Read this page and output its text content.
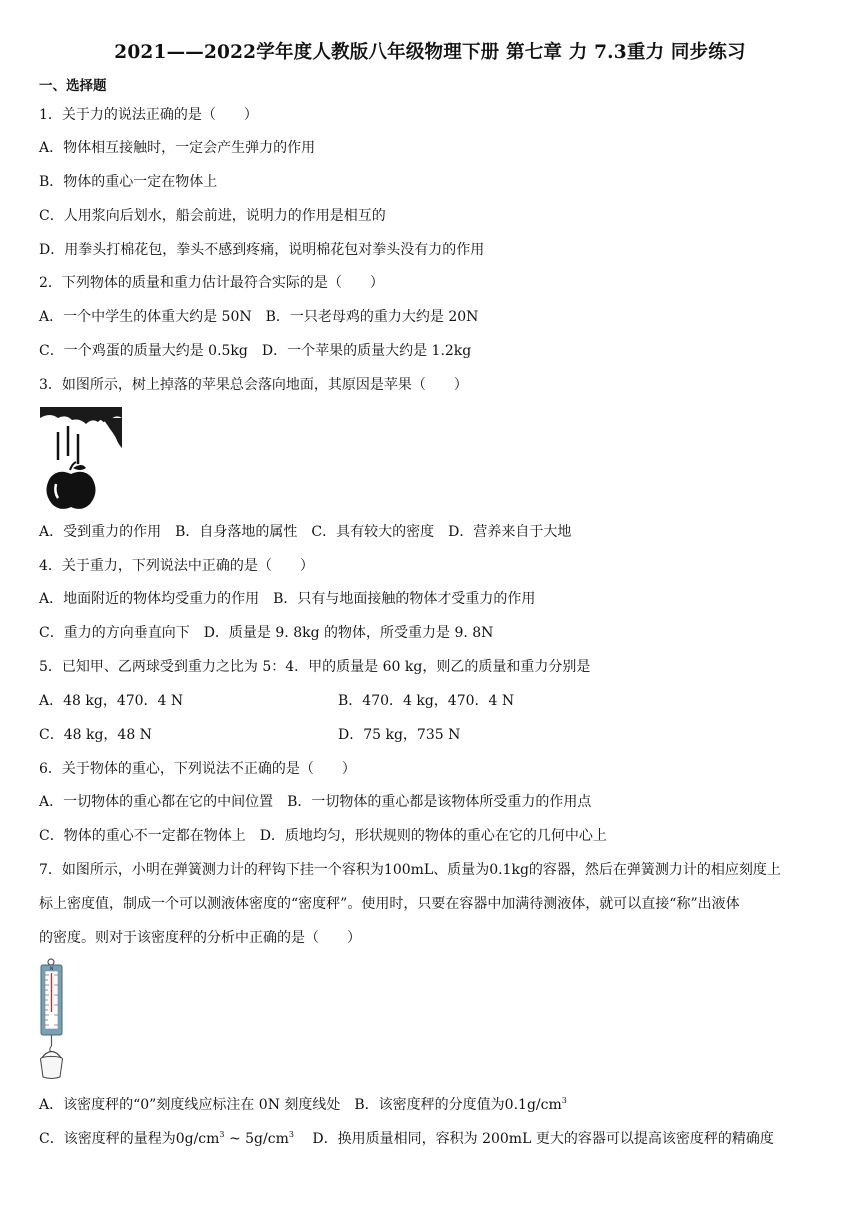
2021——2022学年度人教版八年级物理下册 第七章 力 7.3重力 同步练习
一、选择题
1．关于力的说法正确的是（　　）
A．物体相互接触时，一定会产生弹力的作用
B．物体的重心一定在物体上
C．人用浆向后划水，船会前进，说明力的作用是相互的
D．用拳头打棉花包，拳头不感到疼痛，说明棉花包对拳头没有力的作用
2．下列物体的质量和重力估计最符合实际的是（　　）
A．一个中学生的体重大约是 50N　B．一只老母鸡的重力大约是 20N
C．一个鸡蛋的质量大约是 0.5kg　D．一个苹果的质量大约是 1.2kg
3．如图所示，树上掉落的苹果总会落向地面，其原因是苹果（　　）
A．受到重力的作用　B．自身落地的属性　C．具有较大的密度　D．营养来自于大地
4．关于重力，下列说法中正确的是（　　）
A．地面附近的物体均受重力的作用　B．只有与地面接触的物体才受重力的作用
C．重力的方向垂直向下　D．质量是 9. 8kg 的物体，所受重力是 9. 8N
5．已知甲、乙两球受到重力之比为 5：4．甲的质量是 60 kg，则乙的质量和重力分别是
A．48 kg，470．4 N	B．470．4 kg，470．4 N
C．48 kg，48 N	D．75 kg，735 N
6．关于物体的重心，下列说法不正确的是（　　）
A．一切物体的重心都在它的中间位置　B．一切物体的重心都是该物体所受重力的作用点
C．物体的重心不一定都在物体上　D．质地均匀，形状规则的物体的重心在它的几何中心上
7．如图所示，小明在弹簧测力计的秤钩下挂一个容积为100mL、质量为0.1kg的容器，然后在弹簧测力计的相应刻度上
标上密度值，制成一个可以测液体密度的“密度秤”。使用时，只要在容器中加满待测液体，就可以直接“称”出液体
的密度。则对于该密度秤的分析中正确的是（　　）
N
A．该密度秤的“0”刻度线应标注在 0N 刻度线处　 B．该密度秤的分度值为$0.1g/cm^3$
C．该密度秤的量程为$0g/cm^3$ ~ $5g/cm^3$　 D．换用质量相同，容积为 200mL 更大的容器可以提高该密度秤的精确度
